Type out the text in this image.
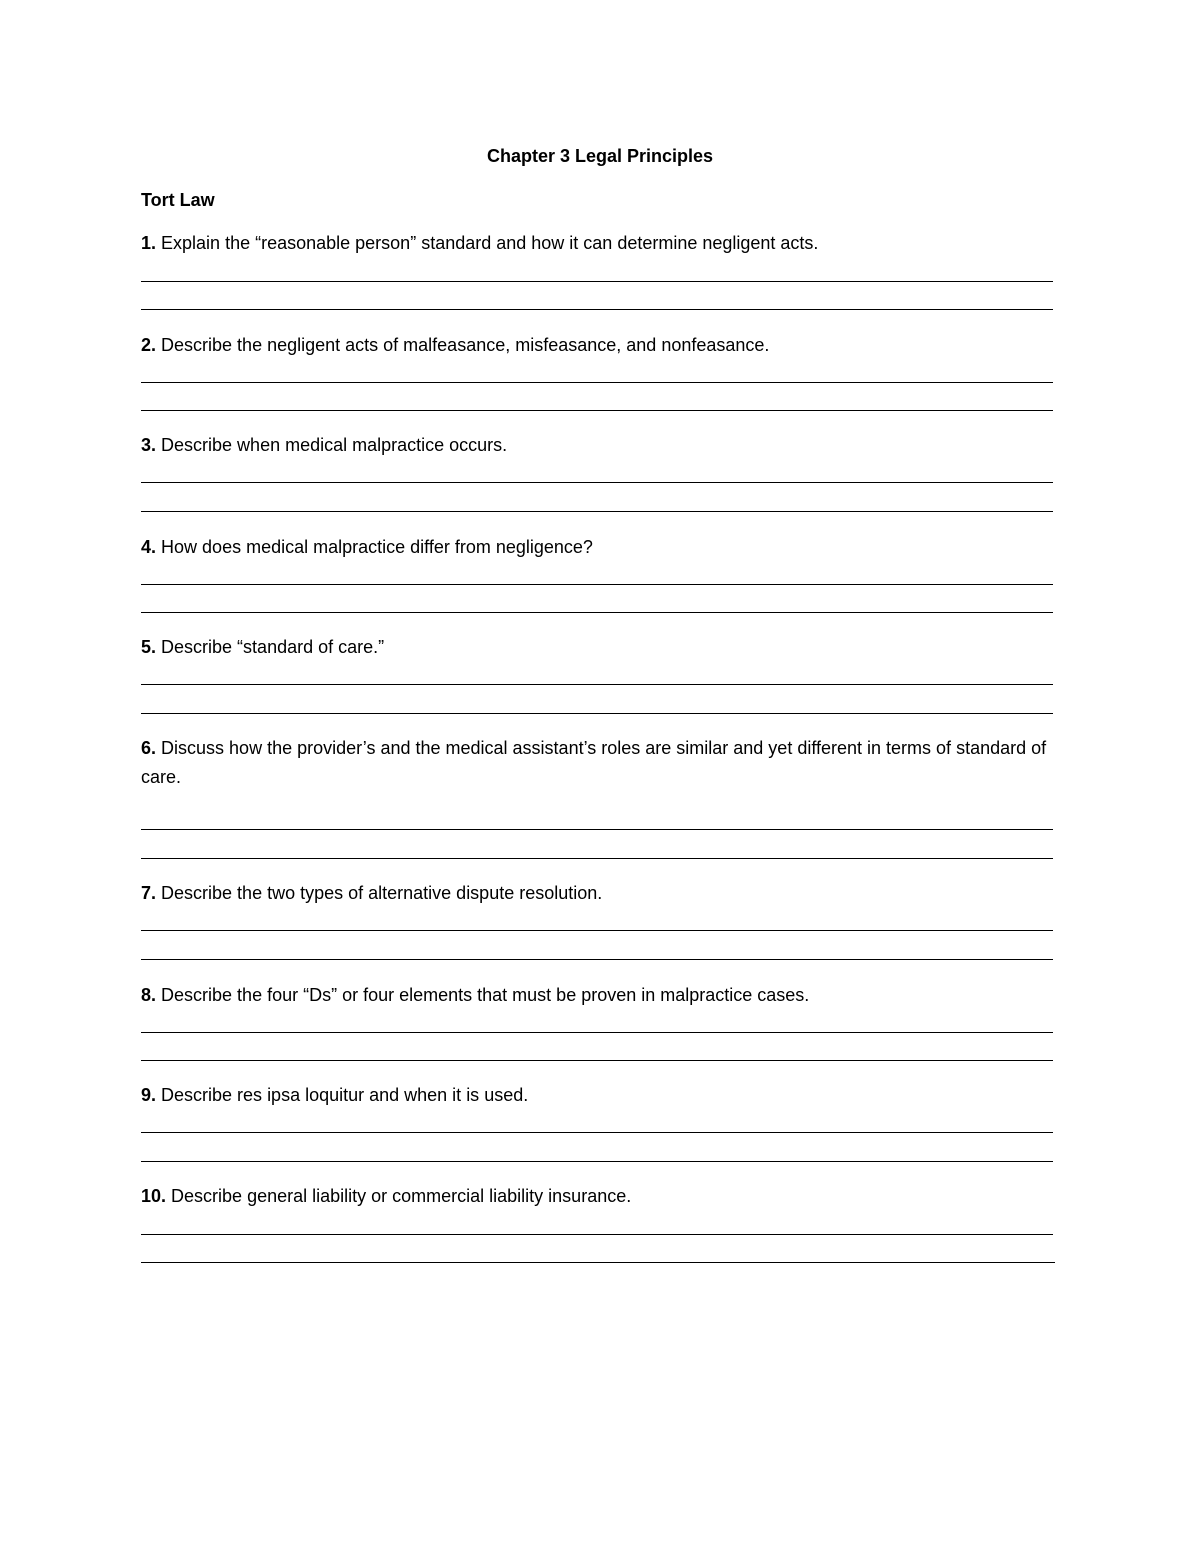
Chapter 3 Legal Principles
Tort Law
1. Explain the “reasonable person” standard and how it can determine negligent acts.
2. Describe the negligent acts of malfeasance, misfeasance, and nonfeasance.
3. Describe when medical malpractice occurs.
4. How does medical malpractice differ from negligence?
5. Describe “standard of care.”
6. Discuss how the provider’s and the medical assistant’s roles are similar and yet different in terms of standard of care.
7. Describe the two types of alternative dispute resolution.
8. Describe the four “Ds” or four elements that must be proven in malpractice cases.
9. Describe res ipsa loquitur and when it is used.
10. Describe general liability or commercial liability insurance.
